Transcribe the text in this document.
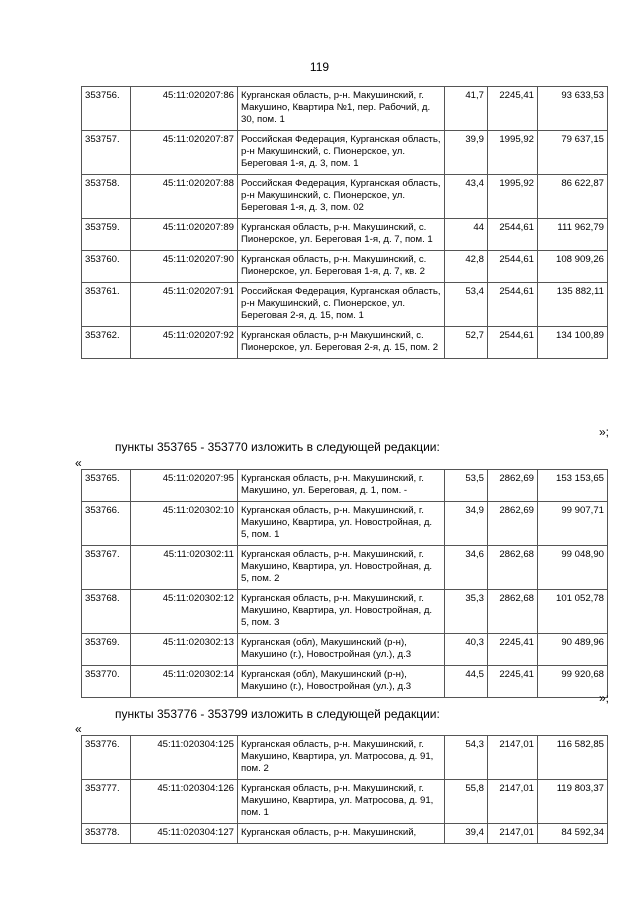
119
353756.	45:11:020207:86	Курганская область, р-н. Макушинский, г. Макушино, Квартира №1, пер. Рабочий, д. 30, пом. 1	41,7	2245,41	93 633,53
353757.	45:11:020207:87	Российская Федерация, Курганская область, р-н Макушинский, с. Пионерское, ул. Береговая 1-я, д. 3, пом. 1	39,9	1995,92	79 637,15
353758.	45:11:020207:88	Российская Федерация, Курганская область, р-н Макушинский, с. Пионерское, ул. Береговая 1-я, д. 3, пом. 02	43,4	1995,92	86 622,87
353759.	45:11:020207:89	Курганская область, р-н. Макушинский, с. Пионерское, ул. Береговая 1-я, д. 7, пом. 1	44	2544,61	111 962,79
353760.	45:11:020207:90	Курганская область, р-н. Макушинский, с. Пионерское, ул. Береговая 1-я, д. 7, кв. 2	42,8	2544,61	108 909,26
353761.	45:11:020207:91	Российская Федерация, Курганская область, р-н Макушинский, с. Пионерское, ул. Береговая 2-я, д. 15, пом. 1	53,4	2544,61	135 882,11
353762.	45:11:020207:92	Курганская область, р-н Макушинский, с. Пионерское, ул. Береговая 2-я, д. 15, пом. 2	52,7	2544,61	134 100,89
»;
пункты 353765 - 353770 изложить в следующей редакции:
«
353765.	45:11:020207:95	Курганская область, р-н. Макушинский, г. Макушино, ул. Береговая, д. 1, пом. -	53,5	2862,69	153 153,65
353766.	45:11:020302:10	Курганская область, р-н. Макушинский, г. Макушино, Квартира, ул. Новостройная, д. 5, пом. 1	34,9	2862,69	99 907,71
353767.	45:11:020302:11	Курганская область, р-н. Макушинский, г. Макушино, Квартира, ул. Новостройная, д. 5, пом. 2	34,6	2862,68	99 048,90
353768.	45:11:020302:12	Курганская область, р-н. Макушинский, г. Макушино, Квартира, ул. Новостройная, д. 5, пом. 3	35,3	2862,68	101 052,78
353769.	45:11:020302:13	Курганская (обл), Макушинский (р-н), Макушино (г.), Новостройная (ул.), д.3	40,3	2245,41	90 489,96
353770.	45:11:020302:14	Курганская (обл), Макушинский (р-н), Макушино (г.), Новостройная (ул.), д.3	44,5	2245,41	99 920,68
»;
пункты 353776 - 353799 изложить в следующей редакции:
«
353776.	45:11:020304:125	Курганская область, р-н. Макушинский, г. Макушино, Квартира, ул. Матросова, д. 91, пом. 2	54,3	2147,01	116 582,85
353777.	45:11:020304:126	Курганская область, р-н. Макушинский, г. Макушино, Квартира, ул. Матросова, д. 91, пом. 1	55,8	2147,01	119 803,37
353778.	45:11:020304:127	Курганская область, р-н. Макушинский,	39,4	2147,01	84 592,34
